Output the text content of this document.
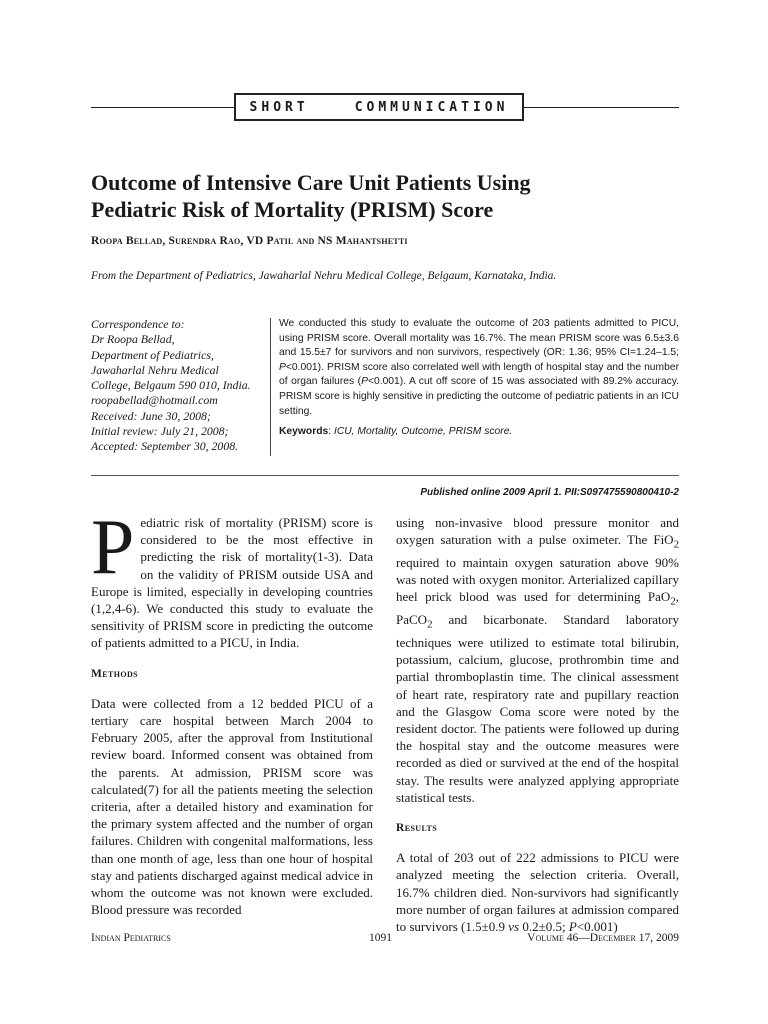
SHORT	COMMUNICATION
Outcome of Intensive Care Unit Patients Using
Pediatric Risk of Mortality (PRISM) Score
Roopa Bellad, Surendra Rao, VD Patil and NS Mahantshetti
From the Department of Pediatrics, Jawaharlal Nehru Medical College, Belgaum, Karnataka, India.
Correspondence to:
Dr Roopa Bellad,
Department of Pediatrics,
Jawaharlal Nehru Medical
College, Belgaum 590 010, India.
roopabellad@hotmail.com
Received: June 30, 2008;
Initial review: July 21, 2008;
Accepted: September 30, 2008.
We conducted this study to evaluate the outcome of 203 patients admitted to PICU, using PRISM score. Overall mortality was 16.7%. The mean PRISM score was 6.5±3.6 and 15.5±7 for survivors and non survivors, respectively (OR: 1.36; 95% CI=1.24–1.5; P<0.001). PRISM score also correlated well with length of hospital stay and the number of organ failures (P<0.001). A cut off score of 15 was associated with 89.2% accuracy. PRISM score is highly sensitive in predicting the outcome of pediatric patients in an ICU setting.
Keywords: ICU, Mortality, Outcome, PRISM score.
Published online 2009 April 1. PII:S097475590800410-2

Pediatric risk of mortality (PRISM) score is considered to be the most effective in predicting the risk of mortality(1-3). Data on the validity of PRISM outside USA and Europe is limited, especially in developing countries (1,2,4-6). We conducted this study to evaluate the sensitivity of PRISM score in predicting the outcome of patients admitted to a PICU, in India.

Methods

Data were collected from a 12 bedded PICU of a tertiary care hospital between March 2004 to February 2005, after the approval from Institutional review board. Informed consent was obtained from the parents. At admission, PRISM score was calculated(7) for all the patients meeting the selection criteria, after a detailed history and examination for the primary system affected and the number of organ failures. Children with congenital malformations, less than one month of age, less than one hour of hospital stay and patients discharged against medical advice in whom the outcome was not known were excluded. Blood pressure was recorded

using non-invasive blood pressure monitor and oxygen saturation with a pulse oximeter. The FiO$_2$ required to maintain oxygen saturation above 90% was noted with oxygen monitor. Arterialized capillary heel prick blood was used for determining PaO$_2$, PaCO$_2$ and bicarbonate. Standard laboratory techniques were utilized to estimate total bilirubin, potassium, calcium, glucose, prothrombin time and partial thromboplastin time. The clinical assessment of heart rate, respiratory rate and pupillary reaction and the Glasgow Coma score were noted by the resident doctor. The patients were followed up during the hospital stay and the outcome measures were recorded as died or survived at the end of the hospital stay. The results were analyzed applying appropriate statistical tests.

Results

A total of 203 out of 222 admissions to PICU were analyzed meeting the selection criteria. Overall, 16.7% children died. Non-survivors had significantly more number of organ failures at admission compared to survivors (1.5±0.9 vs 0.2±0.5; P<0.001)

Indian Pediatrics	1091	Volume 46—December 17, 2009
